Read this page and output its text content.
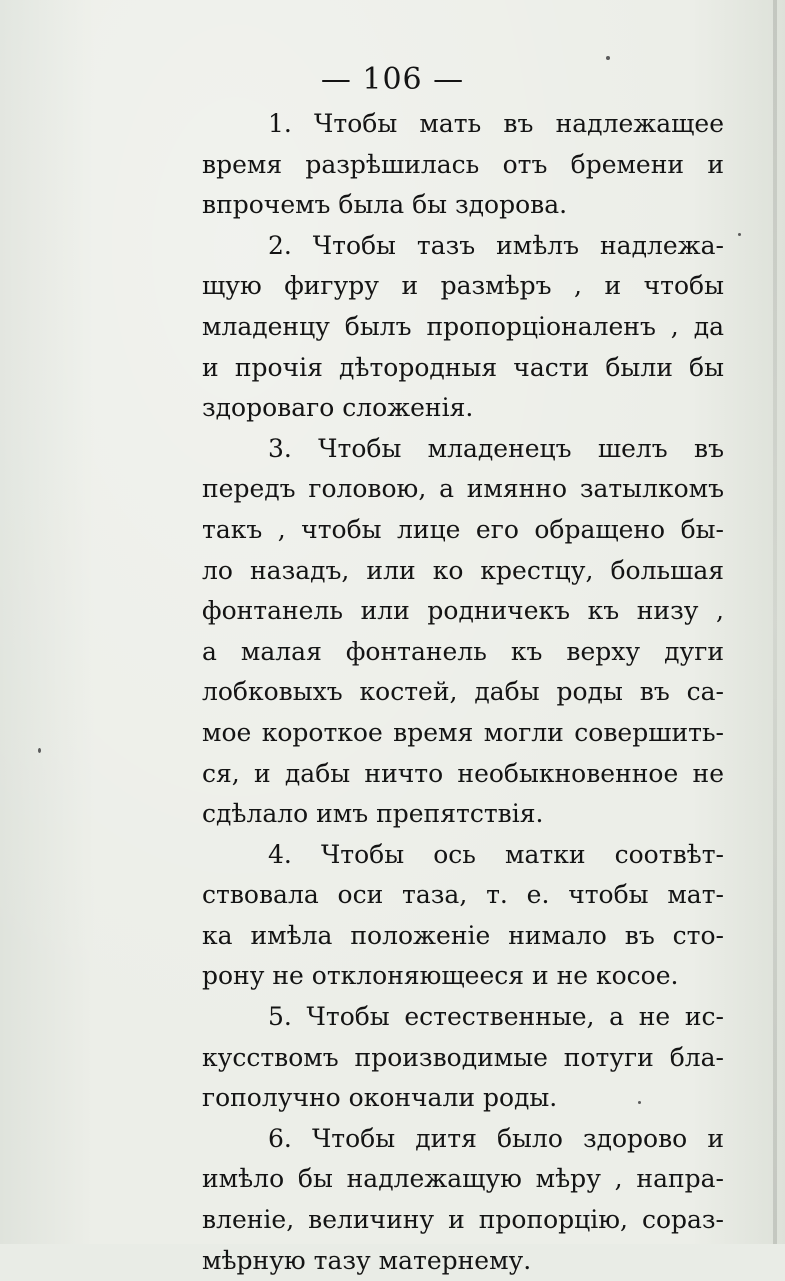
— 106 —
1. Чтобы мать въ надлежащее
время разрѣшилась отъ бремени и
впрочемъ была бы здорова.
2. Чтобы тазъ имѣлъ надлежа-
щую фигуру и размѣръ , и чтобы
младенцу былъ пропорціоналенъ , да
и прочія дѣтородныя части были бы
здороваго сложенія.
3. Чтобы младенецъ шелъ въ
передъ головою, а имянно затылкомъ
такъ , чтобы лице его обращено бы-
ло назадъ, или ко крестцу, большая
фонтанель или родничекъ къ низу ,
а малая фонтанель къ верху дуги
лобковыхъ костей, дабы роды въ са-
мое короткое время могли совершить-
ся, и дабы ничто необыкновенное не
сдѣлало имъ препятствія.
4. Чтобы ось матки соотвѣт-
ствовала оси таза, т. е. чтобы мат-
ка имѣла положеніе нимало въ сто-
рону не отклоняющееся и не косое.
5. Чтобы естественные, а не ис-
кусствомъ производимые потуги бла-
гополучно окончали роды.
6. Чтобы дитя было здорово и
имѣло бы надлежащую мѣру , напра-
вленіе, величину и пропорцію, сораз-
мѣрную тазу матернему.
